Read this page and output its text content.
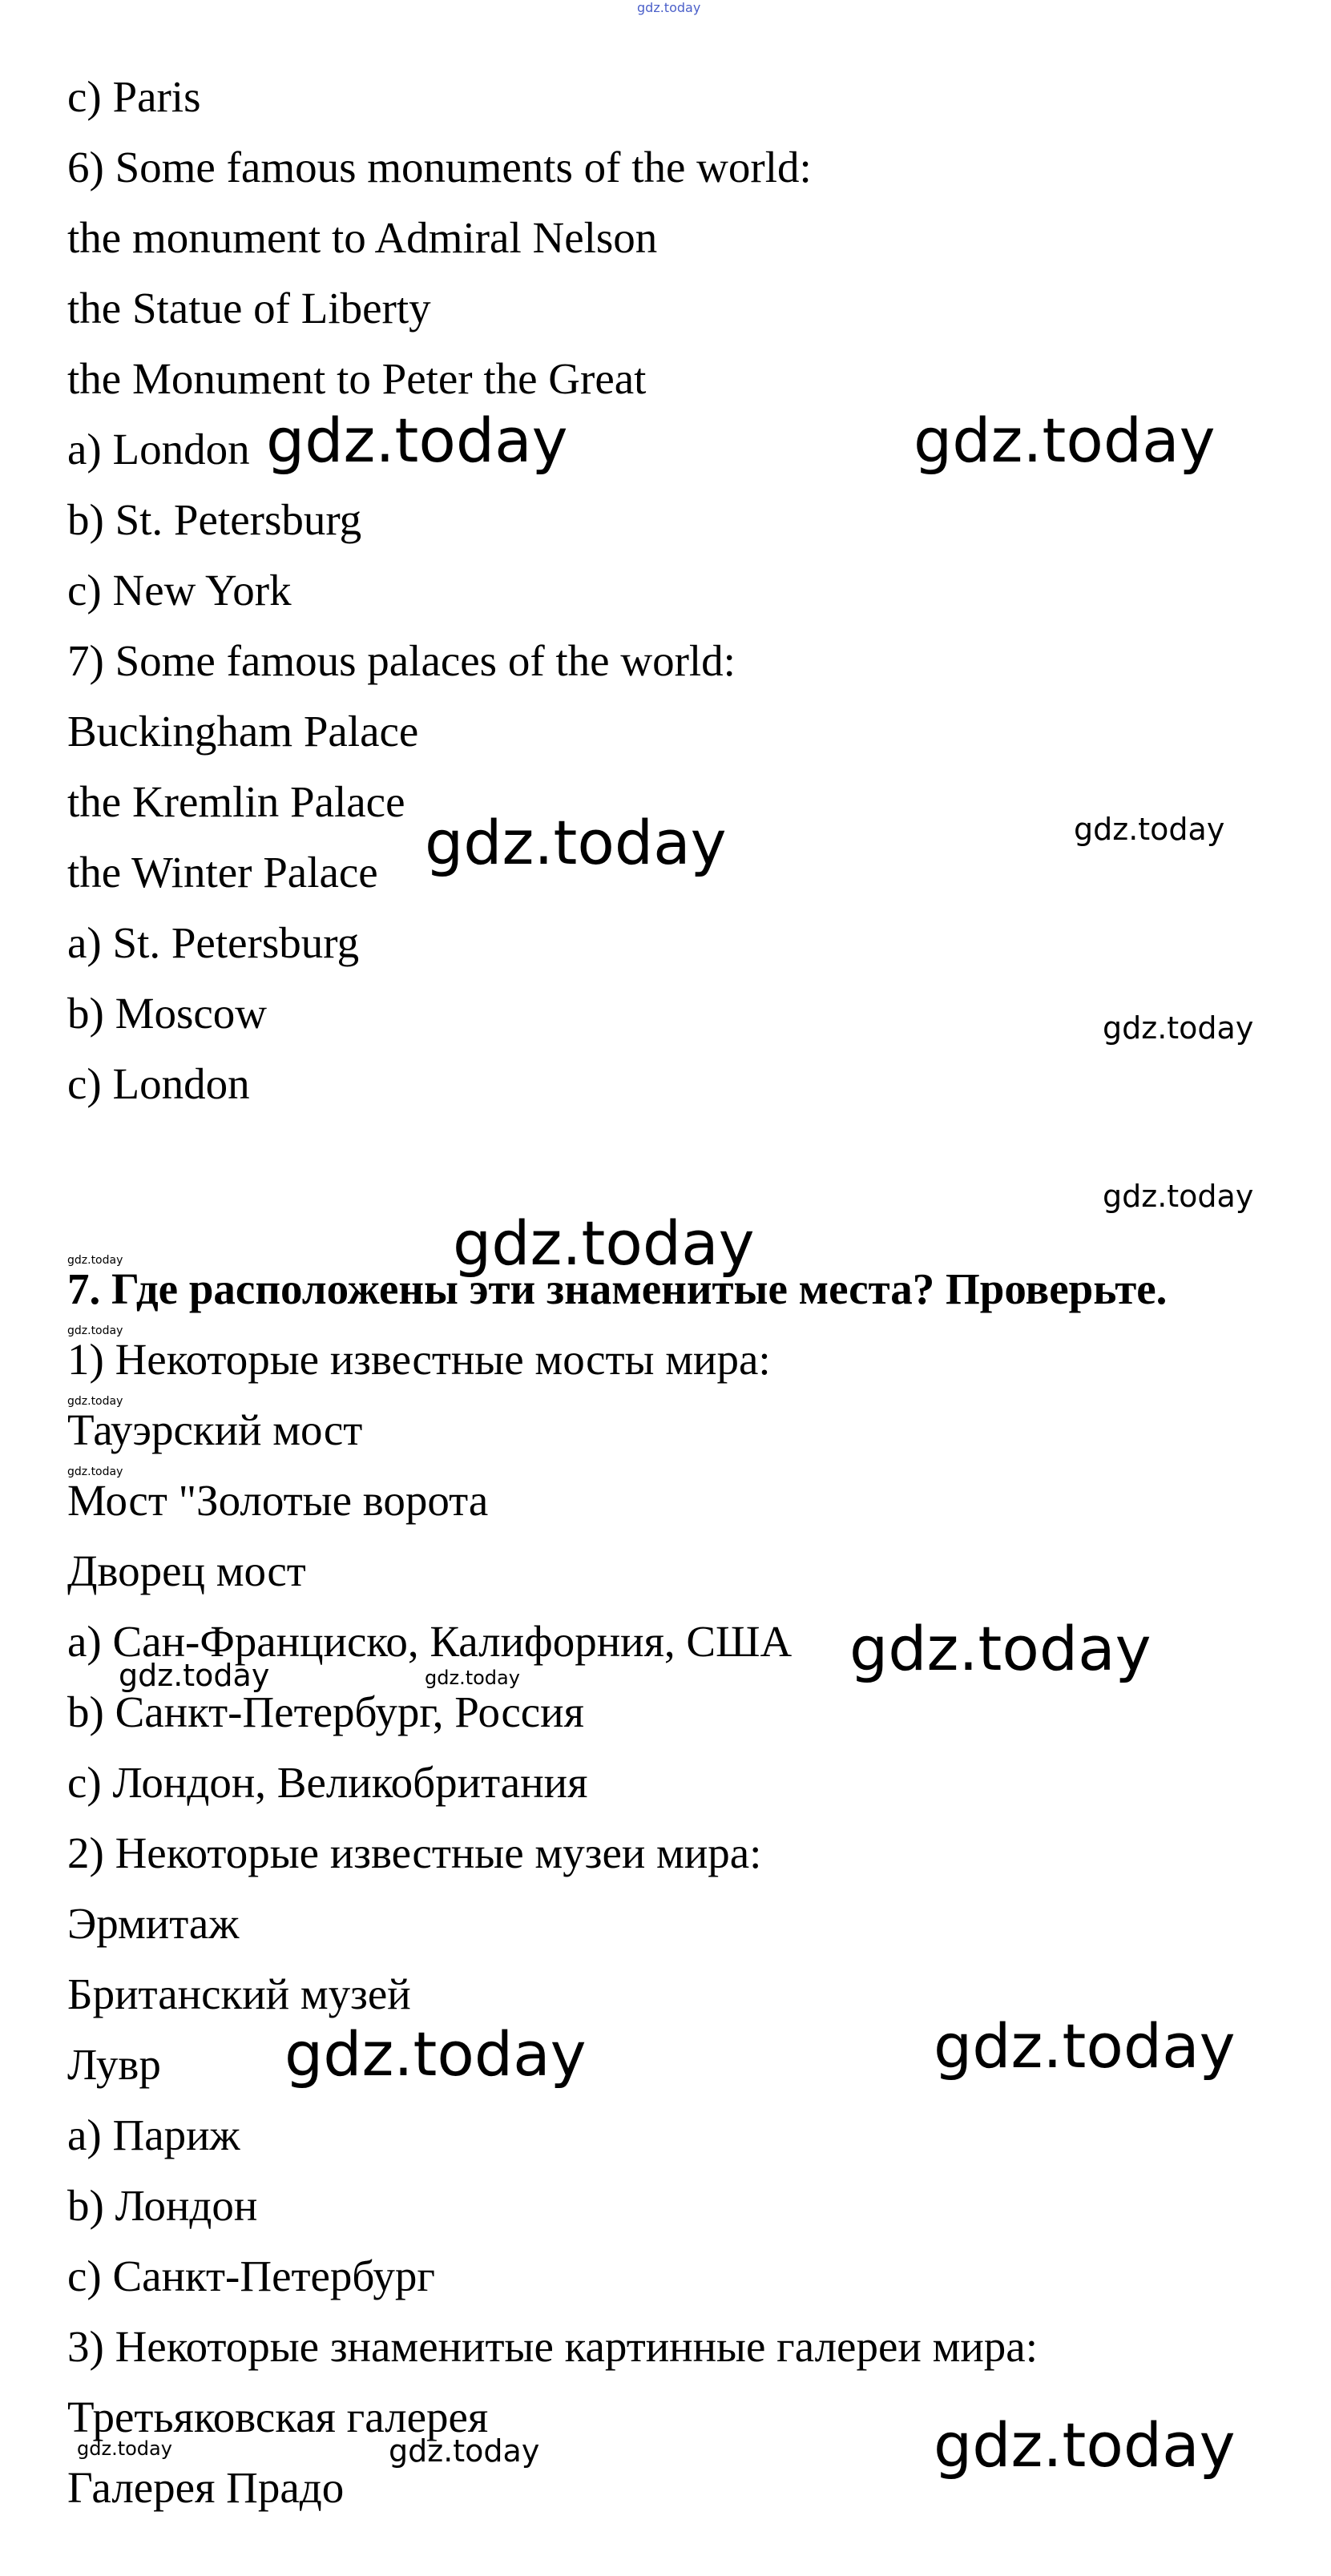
gdz.today
c) Paris
6) Some famous monuments of the world:
the monument to Admiral Nelson
the Statue of Liberty
the Monument to Peter the Great
a) London
b) St. Petersburg
c) New York
7) Some famous palaces of the world:
Buckingham Palace
the Kremlin Palace
the Winter Palace
a) St. Petersburg
b) Moscow
c) London
7. Где расположены эти знаменитые места? Проверьте.
1) Некоторые известные мосты мира:
Тауэрский мост
Мост "Золотые ворота
Дворец мост
a) Сан-Франциско, Калифорния, США
b) Санкт-Петербург, Россия
c) Лондон, Великобритания
2) Некоторые известные музеи мира:
Эрмитаж
Британский музей
Лувр
a) Париж
b) Лондон
c) Санкт-Петербург
3) Некоторые знаменитые картинные галереи мира:
Третьяковская галерея
Галерея Прадо
gdz.today	gdz.today
gdz.today	gdz.today
gdz.today
gdz.today
gdz.today
gdz.today
gdz.today
gdz.today
gdz.today
gdz.today
gdz.today	gdz.today
gdz.today	gdz.today
gdz.today	gdz.today
gdz.today
